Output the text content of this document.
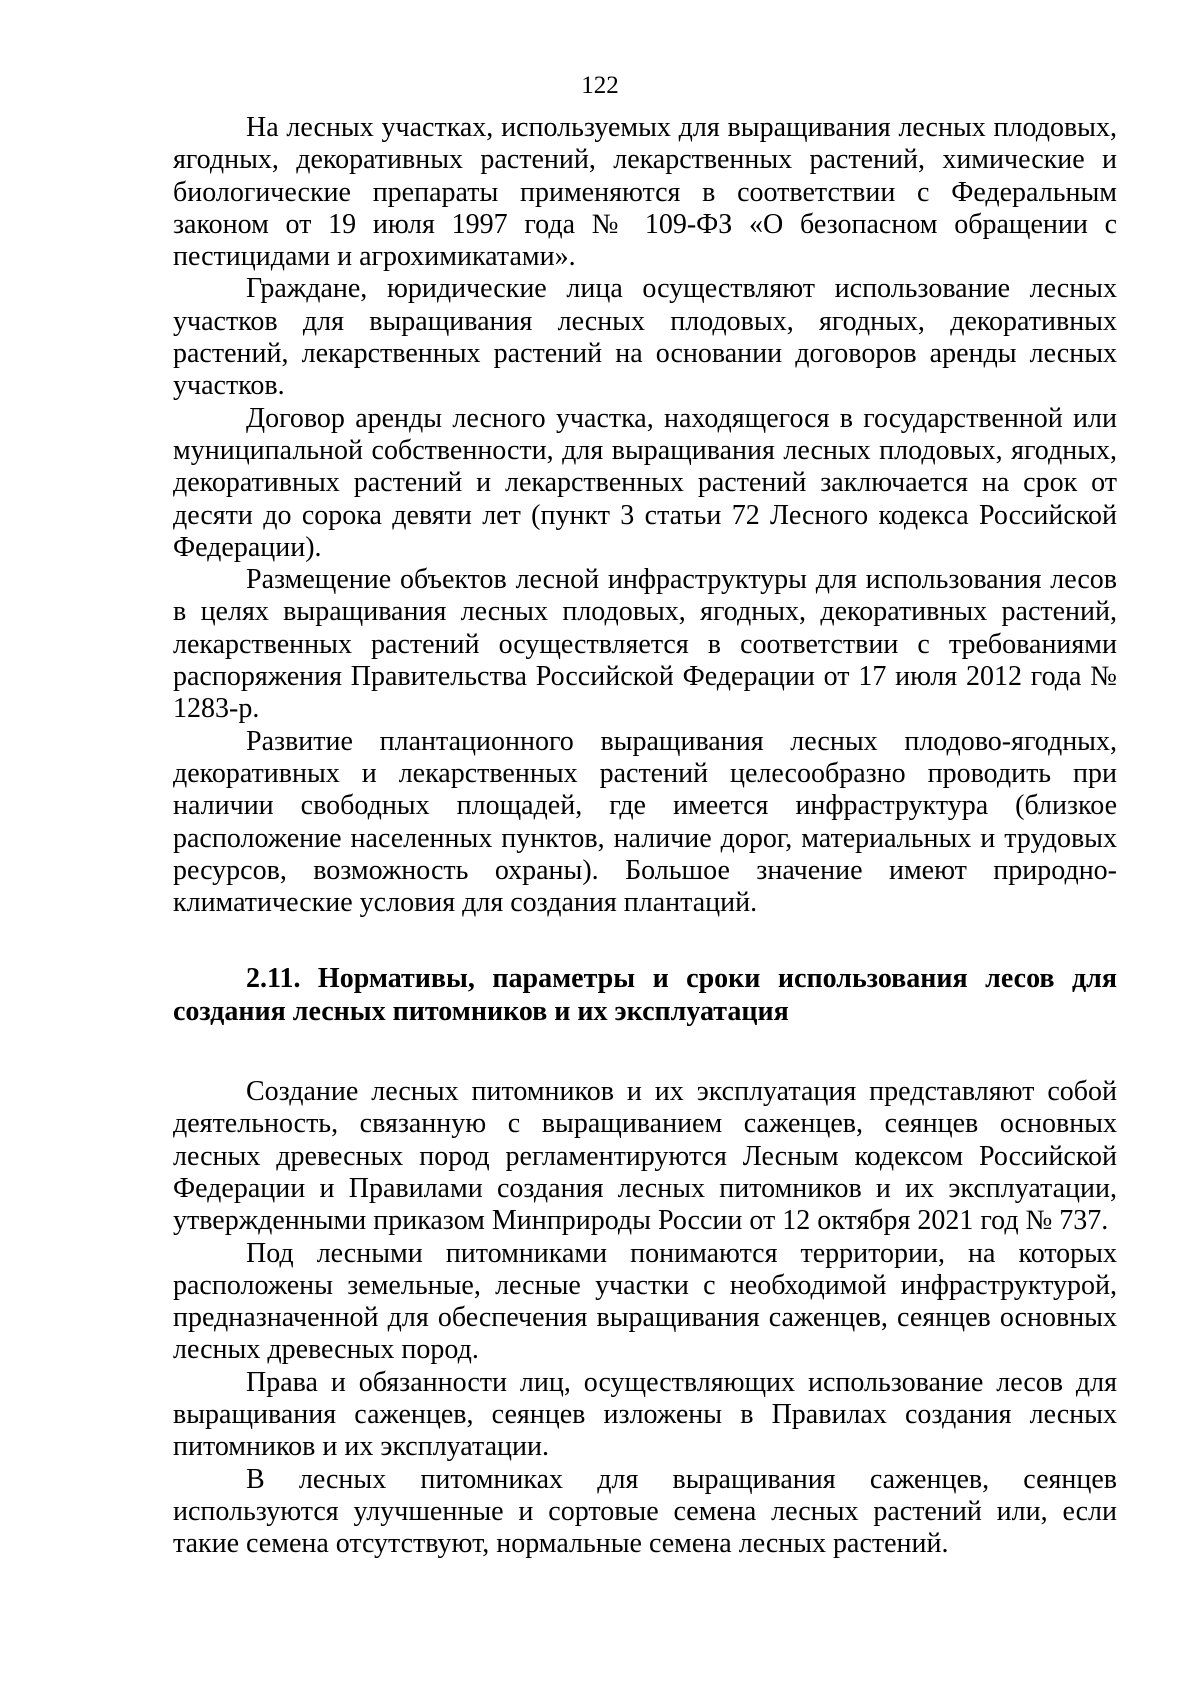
122

На лесных участках, используемых для выращивания лесных плодовых, ягодных, декоративных растений, лекарственных растений, химические и биологические препараты применяются в соответствии с Федеральным законом от 19 июля 1997 года № 109-ФЗ «О безопасном обращении с пестицидами и агрохимикатами».

Граждане, юридические лица осуществляют использование лесных участков для выращивания лесных плодовых, ягодных, декоративных растений, лекарственных растений на основании договоров аренды лесных участков.

Договор аренды лесного участка, находящегося в государственной или муниципальной собственности, для выращивания лесных плодовых, ягодных, декоративных растений и лекарственных растений заключается на срок от десяти до сорока девяти лет (пункт 3 статьи 72 Лесного кодекса Российской Федерации).

Размещение объектов лесной инфраструктуры для использования лесов в целях выращивания лесных плодовых, ягодных, декоративных растений, лекарственных растений осуществляется в соответствии с требованиями распоряжения Правительства Российской Федерации от 17 июля 2012 года № 1283-р.

Развитие плантационного выращивания лесных плодово-ягодных, декоративных и лекарственных растений целесообразно проводить при наличии свободных площадей, где имеется инфраструктура (близкое расположение населенных пунктов, наличие дорог, материальных и трудовых ресурсов, возможность охраны). Большое значение имеют природно-климатические условия для создания плантаций.

2.11. Нормативы, параметры и сроки использования лесов для создания лесных питомников и их эксплуатация

Создание лесных питомников и их эксплуатация представляют собой деятельность, связанную с выращиванием саженцев, сеянцев основных лесных древесных пород регламентируются Лесным кодексом Российской Федерации и Правилами создания лесных питомников и их эксплуатации, утвержденными приказом Минприроды России от 12 октября 2021 год № 737.

Под лесными питомниками понимаются территории, на которых расположены земельные, лесные участки с необходимой инфраструктурой, предназначенной для обеспечения выращивания саженцев, сеянцев основных лесных древесных пород.

Права и обязанности лиц, осуществляющих использование лесов для выращивания саженцев, сеянцев изложены в Правилах создания лесных питомников и их эксплуатации.

В лесных питомниках для выращивания саженцев, сеянцев используются улучшенные и сортовые семена лесных растений или, если такие семена отсутствуют, нормальные семена лесных растений.
